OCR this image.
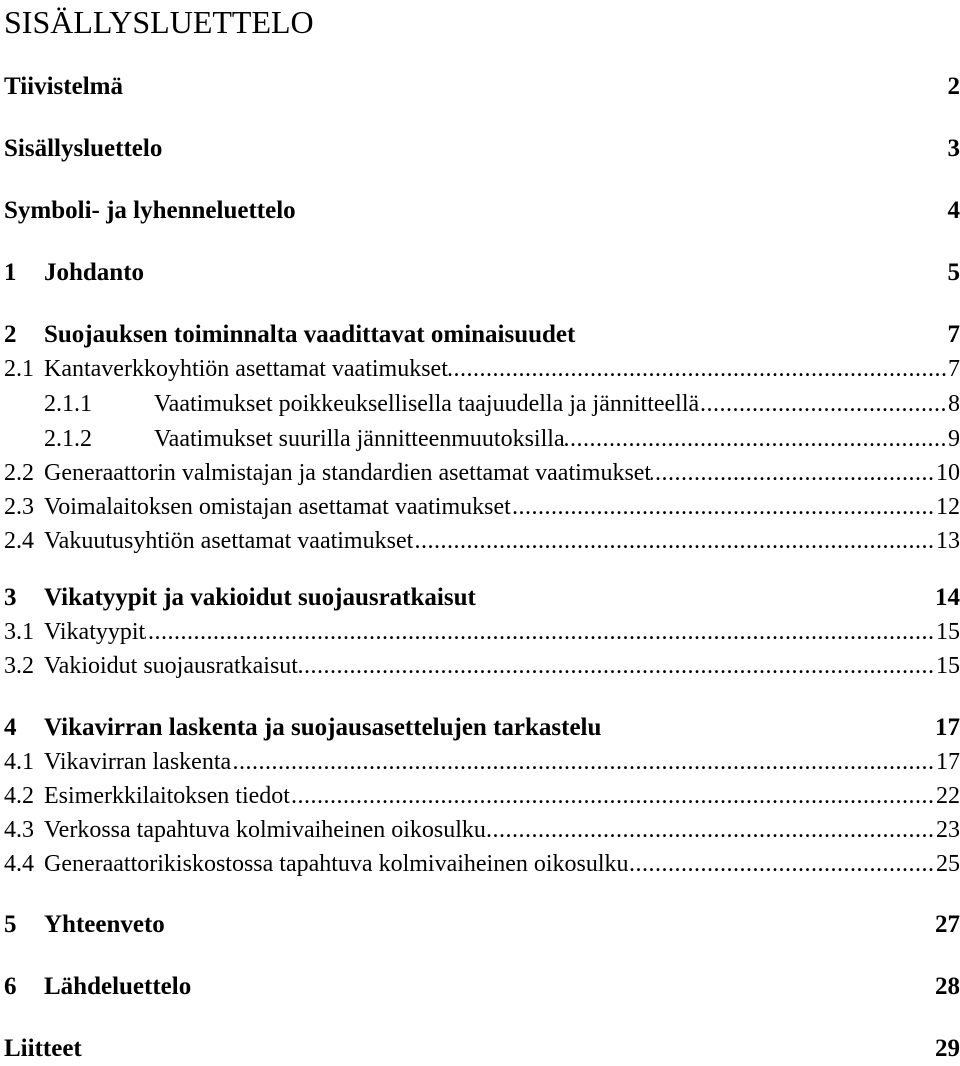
SISÄLLYSLUETTELO
Tiivistelmä	2
Sisällysluettelo	3
Symboli- ja lyhenneluettelo	4
1 Johdanto	5
2 Suojauksen toiminnalta vaadittavat ominaisuudet	7
.....
2.1 Kantaverkkoyhtiön asettamat vaatimukset	7
.....
2.1.1	Vaatimukset poikkeuksellisella taajuudella ja jännitteellä	8
.....
2.1.2	Vaatimukset suurilla jännitteenmuutoksilla	9
.....
2.2 Generaattorin valmistajan ja standardien asettamat vaatimukset	10
.....
2.3 Voimalaitoksen omistajan asettamat vaatimukset	12
.....
2.4 Vakuutusyhtiön asettamat vaatimukset	13
3 Vikatyypit ja vakioidut suojausratkaisut	14
.....
3.1 Vikatyypit	15
.....
3.2 Vakioidut suojausratkaisut	15
4 Vikavirran laskenta ja suojausasettelujen tarkastelu	17
.....
4.1 Vikavirran laskenta	17
.....
4.2 Esimerkkilaitoksen tiedot	22
.....
4.3 Verkossa tapahtuva kolmivaiheinen oikosulku	23
.....
4.4 Generaattorikiskostossa tapahtuva kolmivaiheinen oikosulku	25
5 Yhteenveto	27
6 Lähdeluettelo	28
Liitteet	29
